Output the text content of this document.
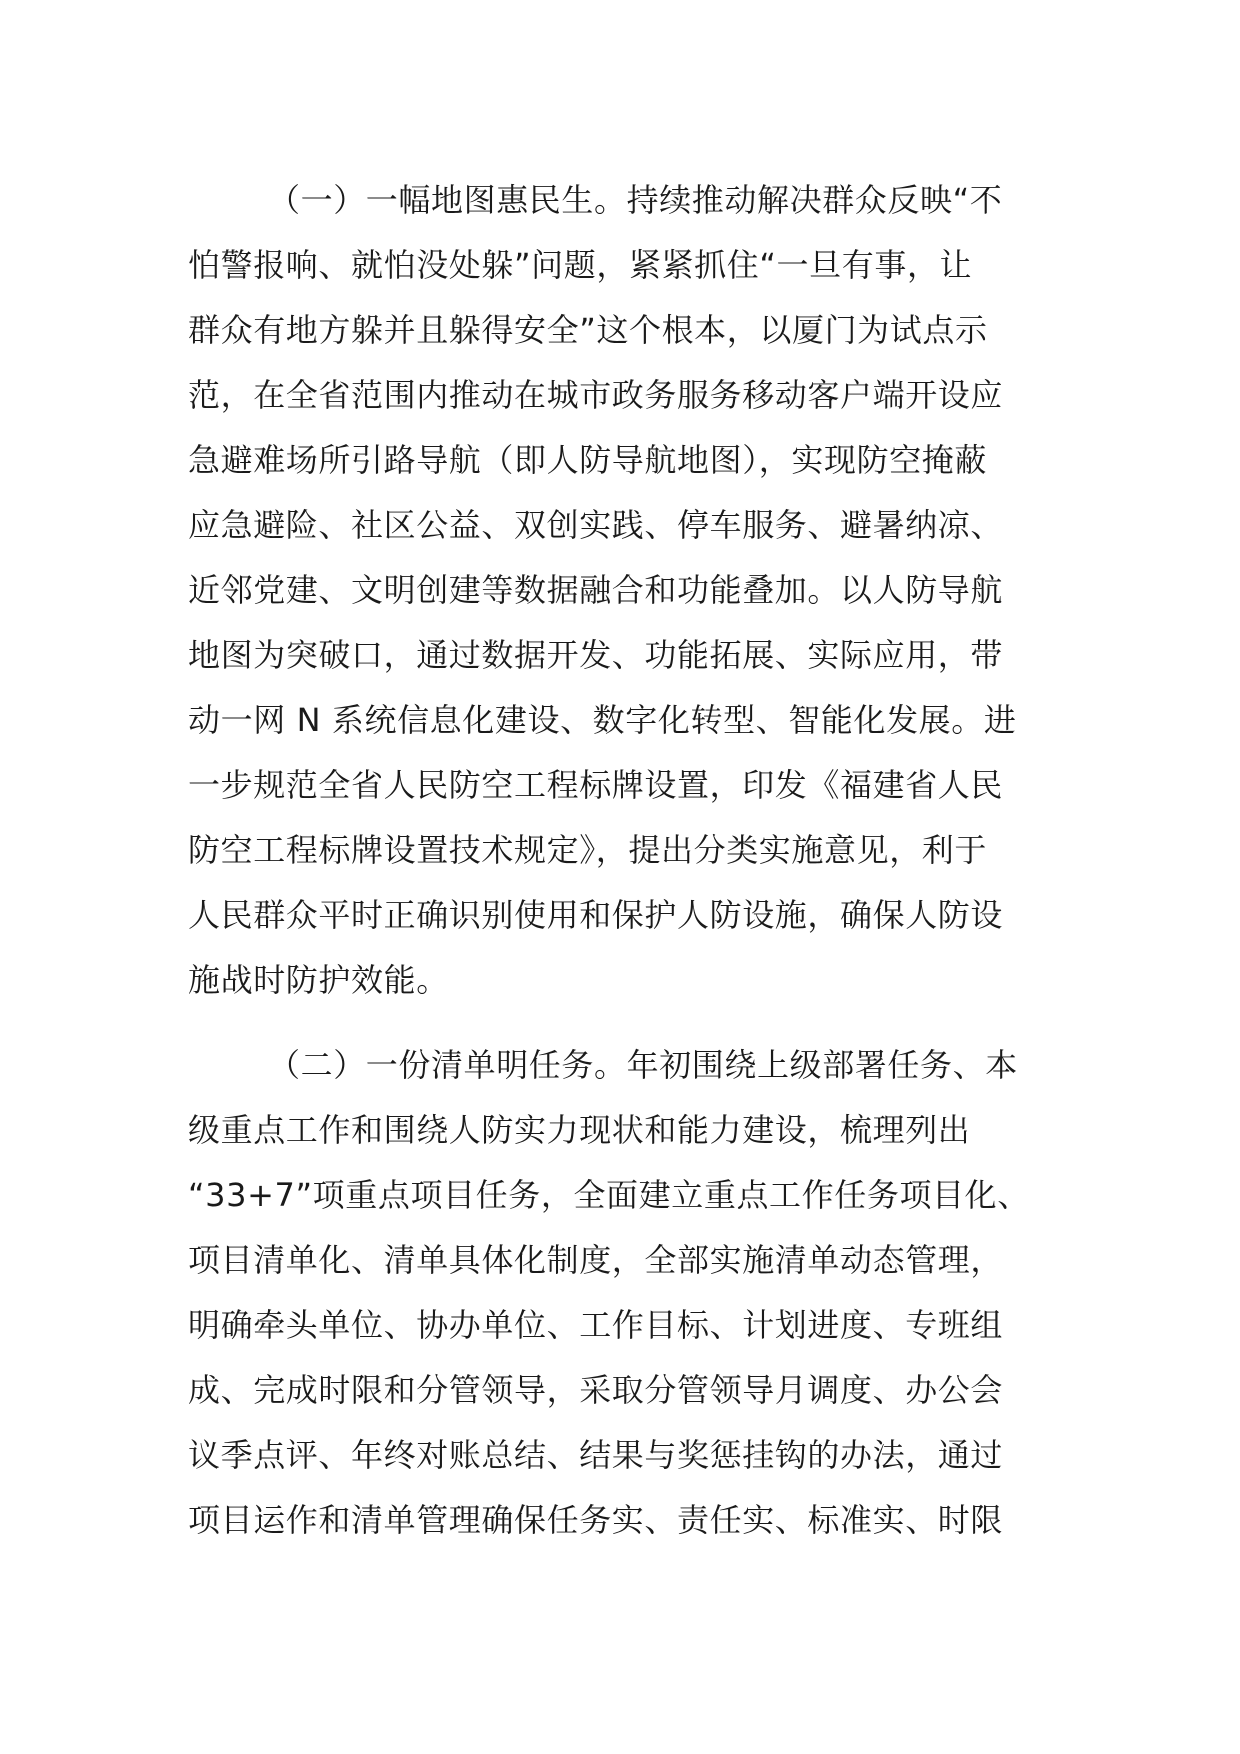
（一）一幅地图惠民生。持续推动解决群众反映“不
怕警报响、就怕没处躲”问题，紧紧抓住“一旦有事，让
群众有地方躲并且躲得安全”这个根本，以厦门为试点示
范，在全省范围内推动在城市政务服务移动客户端开设应
急避难场所引路导航（即人防导航地图），实现防空掩蔽
应急避险、社区公益、双创实践、停车服务、避暑纳凉、
近邻党建、文明创建等数据融合和功能叠加。以人防导航
地图为突破口，通过数据开发、功能拓展、实际应用，带
动一网 N 系统信息化建设、数字化转型、智能化发展。进
一步规范全省人民防空工程标牌设置，印发《福建省人民
防空工程标牌设置技术规定》，提出分类实施意见，利于
人民群众平时正确识别使用和保护人防设施，确保人防设
施战时防护效能。
（二）一份清单明任务。年初围绕上级部署任务、本
级重点工作和围绕人防实力现状和能力建设，梳理列出
“33+7”项重点项目任务，全面建立重点工作任务项目化、
项目清单化、清单具体化制度，全部实施清单动态管理，
明确牵头单位、协办单位、工作目标、计划进度、专班组
成、完成时限和分管领导，采取分管领导月调度、办公会
议季点评、年终对账总结、结果与奖惩挂钩的办法，通过
项目运作和清单管理确保任务实、责任实、标准实、时限
